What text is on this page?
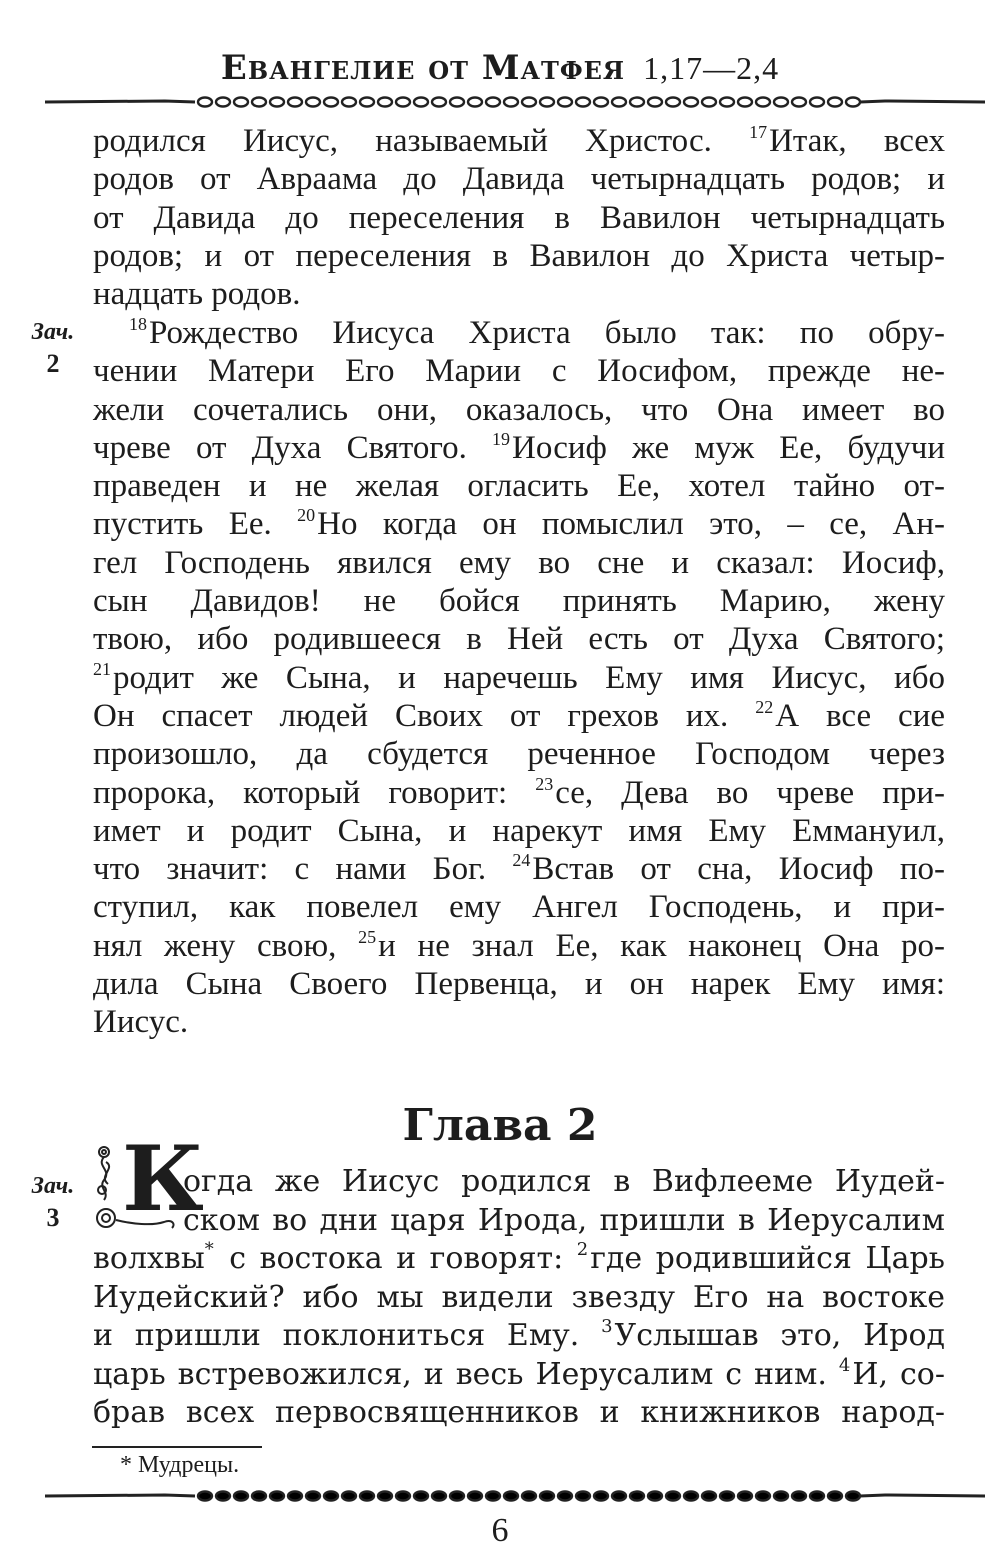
Евангелие от Матфея 1,17—2,4
родился Иисус, называемый Христос. $^{17}$Итак, всех
родов от Авраама до Давида четырнадцать родов; и
от Давида до переселения в Вавилон четырнадцать
родов; и от переселения в Вавилон до Христа четыр-
надцать родов.
Зач.
2
$^{18}$Рождество Иисуса Христа было так: по обру-
чении Матери Его Марии с Иосифом, прежде не-
жели сочетались они, оказалось, что Она имеет во
чреве от Духа Святого. $^{19}$Иосиф же муж Ее, будучи
праведен и не желая огласить Ее, хотел тайно от-
пустить Ее. $^{20}$Но когда он помыслил это, – се, Ан-
гел Господень явился ему во сне и сказал: Иосиф,
сын Давидов! не бойся принять Марию, жену
твою, ибо родившееся в Ней есть от Духа Святого;
$^{21}$родит же Сына, и наречешь Ему имя Иисус, ибо
Он спасет людей Своих от грехов их. $^{22}$А все сие
произошло, да сбудется реченное Господом через
пророка, который говорит: $^{23}$се, Дева во чреве при-
имет и родит Сына, и нарекут имя Ему Еммануил,
что значит: с нами Бог. $^{24}$Встав от сна, Иосиф по-
ступил, как повелел ему Ангел Господень, и при-
нял жену свою, $^{25}$и не знал Ее, как наконец Она ро-
дила Сына Своего Первенца, и он нарек Ему имя:
Иисус.
Глава 2
Зач.
3 К
огда же Иисус родился в Вифлееме Иудей-
ском во дни царя Ирода, пришли в Иерусалим
волхвы* с востока и говорят: $^2$где родившийся Царь
Иудейский? ибо мы видели звезду Его на востоке
и пришли поклониться Ему. $^3$Услышав это, Ирод
царь встревожился, и весь Иерусалим с ним. $^4$И, со-
брав всех первосвященников и книжников народ-
* Мудрецы.
6
